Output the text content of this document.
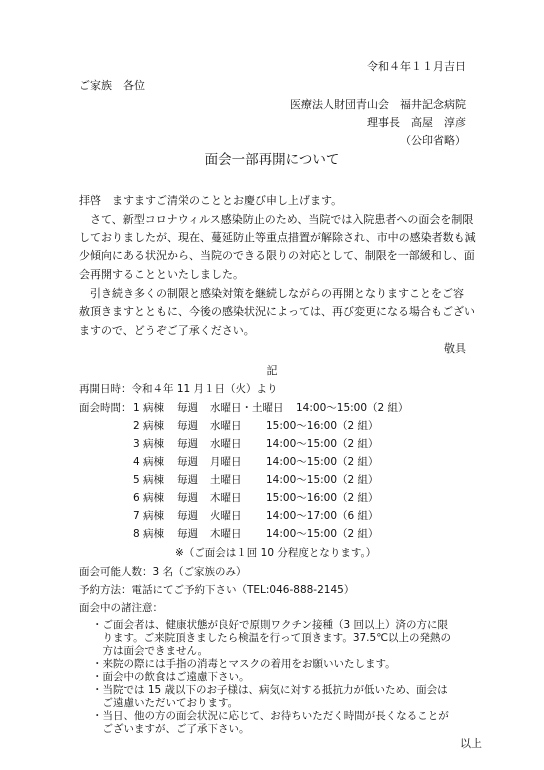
令和４年１１月吉日
ご家族　各位
医療法人財団青山会　福井記念病院
理事長　高屋　淳彦
（公印省略）
面会一部再開について
拝啓　ますますご清栄のこととお慶び申し上げます。
　さて、新型コロナウィルス感染防止のため、当院では入院患者への面会を制限
しておりましたが、現在、蔓延防止等重点措置が解除され、市中の感染者数も減
少傾向にある状況から、当院のできる限りの対応として、制限を一部緩和し、面
会再開することといたしました。
　引き続き多くの制限と感染対策を継続しながらの再開となりますことをご容
赦頂きますとともに、今後の感染状況によっては、再び変更になる場合もござい
ますので、どうぞご了承ください。
敬具
記
再開日時：令和４年 11 月１日（火）より
面会時間： 1 病棟 毎週 水曜日・土曜日 14:00～15:00（2 組）
2 病棟 毎週 水曜日 15:00～16:00（2 組）
3 病棟 毎週 水曜日 14:00～15:00（2 組）
4 病棟 毎週 月曜日 14:00～15:00（2 組）
5 病棟 毎週 土曜日 14:00～15:00（2 組）
6 病棟 毎週 木曜日 15:00～16:00（2 組）
7 病棟 毎週 火曜日 14:00～17:00（6 組）
8 病棟 毎週 木曜日 14:00～15:00（2 組）
※（ご面会は１回 10 分程度となります。）
面会可能人数：3 名（ご家族のみ）
予約方法：電話にてご予約下さい（TEL:046-888-2145）
面会中の諸注意：
・ご面会者は、健康状態が良好で原則ワクチン接種（3 回以上）済の方に限
　ります。ご来院頂きましたら検温を行って頂きます。37.5℃以上の発熱の
　方は面会できません。
・来院の際には手指の消毒とマスクの着用をお願いいたします。
・面会中の飲食はご遠慮下さい。
・当院では 15 歳以下のお子様は、病気に対する抵抗力が低いため、面会は
　ご遠慮いただいております。
・当日、他の方の面会状況に応じて、お待ちいただく時間が長くなることが
　ございますが、ご了承下さい。
以上
